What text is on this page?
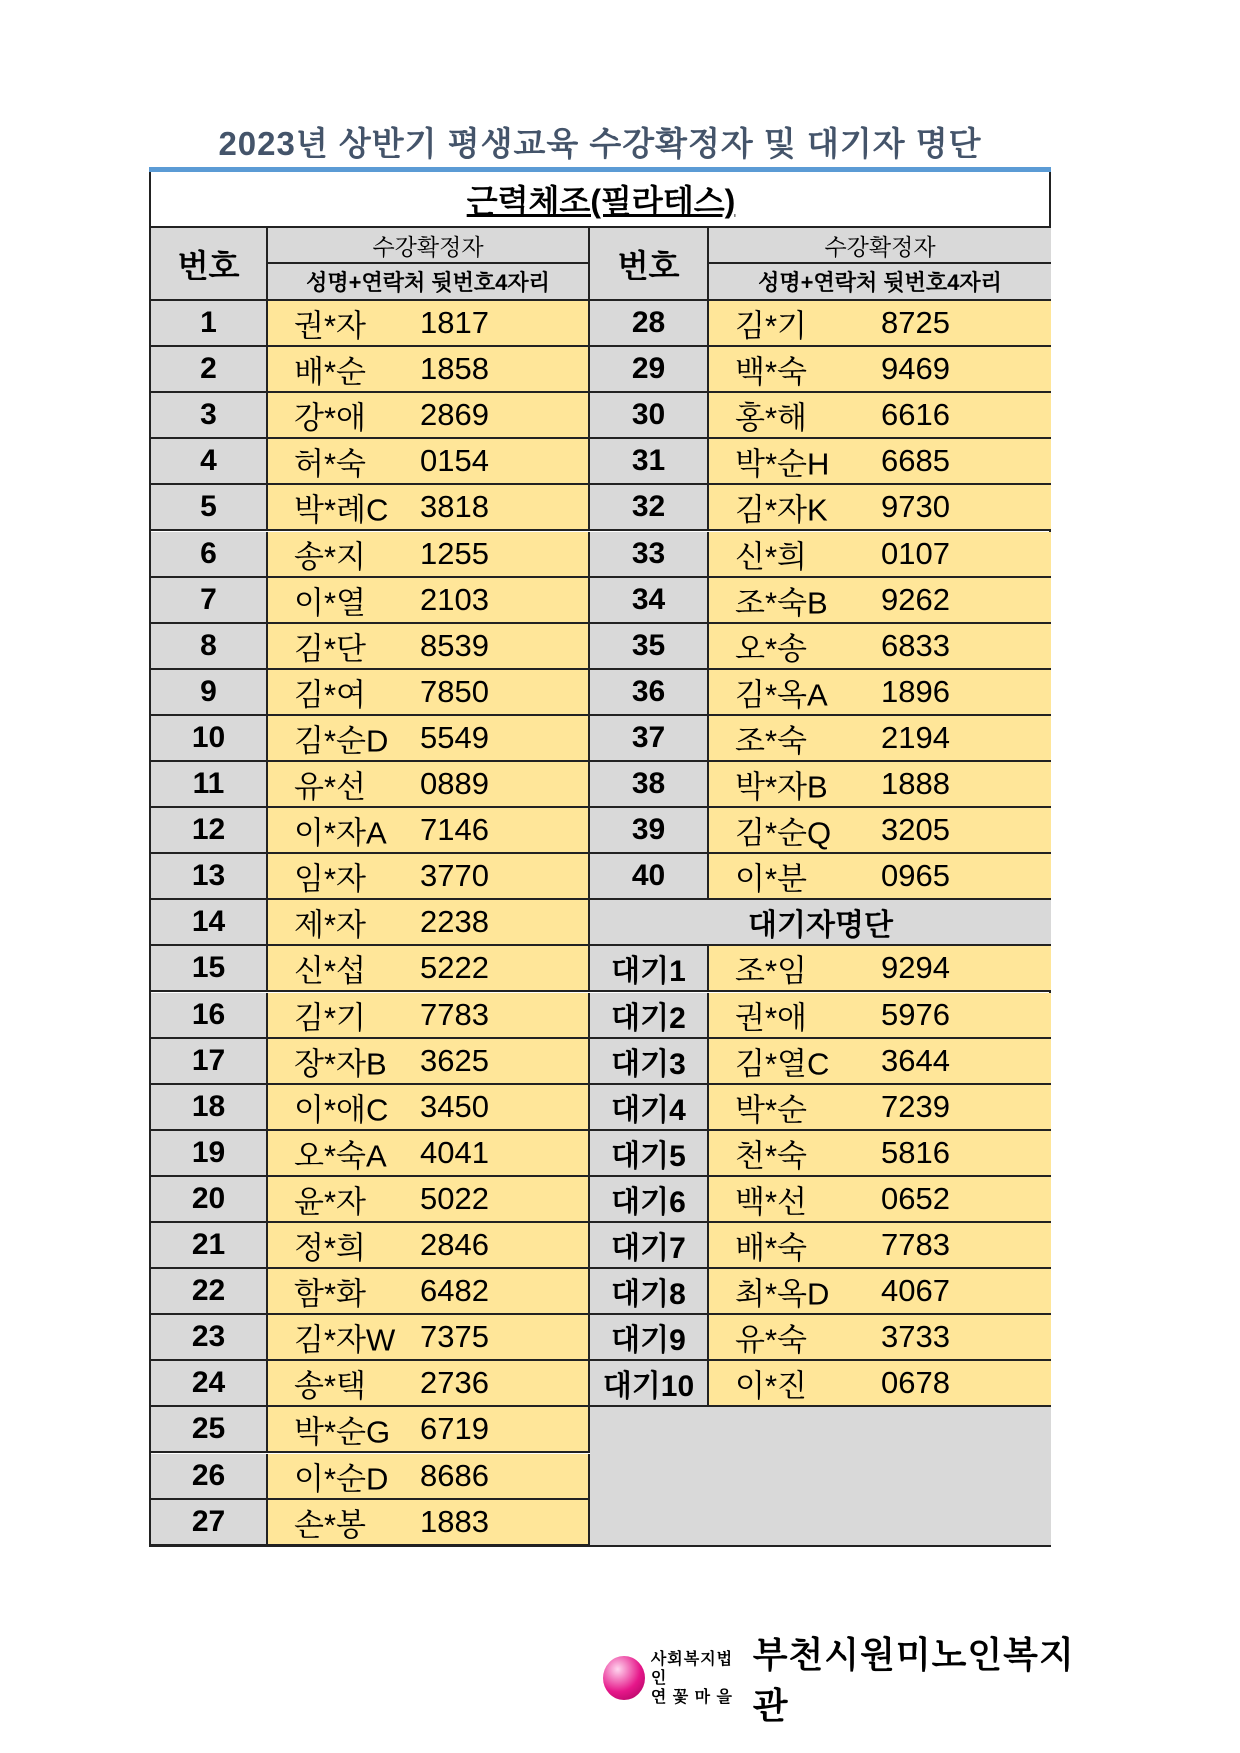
2023년 상반기 평생교육 수강확정자 및 대기자 명단
근력체조(필라테스)
번호
수강확정자
성명+연락처 뒷번호4자리 번호
수강확정자
성명+연락처 뒷번호4자리
1 권*자 1817
2 배*순 1858
3 강*애 2869
4 허*숙 0154
5 박*례C 3818
6 송*지 1255
7 이*열 2103
8 김*단 8539
9 김*여 7850
10 김*순D 5549
11 유*선 0889
12 이*자A 7146
13 임*자 3770
14 제*자 2238
15 신*섭 5222
16 김*기 7783
17 장*자B 3625
18 이*애C 3450
19 오*숙A 4041
20 윤*자 5022
21 정*희 2846
22 함*화 6482
23 김*자W 7375
24 송*택 2736
25 박*순G 6719
26 이*순D 8686
27 손*봉 1883
28 김*기 8725
29 백*숙 9469
30 홍*해 6616
31 박*순H 6685
32 김*자K 9730
33 신*희 0107
34 조*숙B 9262
35 오*송 6833
36 김*옥A 1896
37 조*숙 2194
38 박*자B 1888
39 김*순Q 3205
40 이*분 0965
대기자명단
대기1 조*임 9294
대기2 권*애 5976
대기3 김*열C 3644
대기4 박*순 7239
대기5 천*숙 5816
대기6 백*선 0652
대기7 배*숙 7783
대기8 최*옥D 4067
대기9 유*숙 3733
대기10 이*진 0678
사회복지법인
연 꽃 마 을
부천시원미노인복지관
